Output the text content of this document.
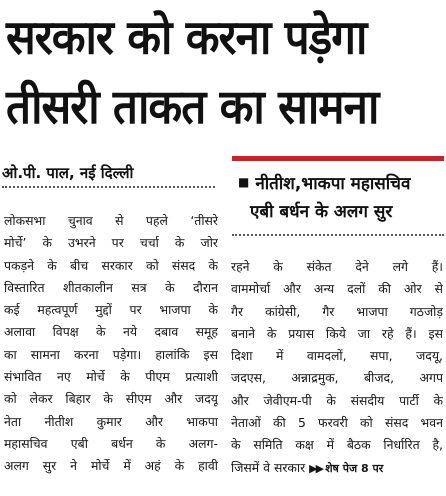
सरकार को करना पड़ेगा
तीसरी ताकत का सामना
ओ.पी. पाल, नई दिल्ली	■ नीतीश,भाकपा महासचिव
एबी बर्धन के अलग सुर
लोकसभा चुनाव से पहले ‘तीसरे
मोर्चे’ के उभरने पर चर्चा के जोर
पकड़ने के बीच सरकार को संसद के
विस्तारित शीतकालीन सत्र के दौरान
कई महत्वपूर्ण मुद्दों पर भाजपा के
अलावा विपक्ष के नये दबाव समूह
का सामना करना पड़ेगा। हालांकि इस
संभावित नए मोर्चे के पीएम प्रत्याशी
को लेकर बिहार के सीएम और जदयू
नेता नीतीश कुमार और भाकपा
महासचिव एबी बर्धन के अलग-
अलग सुर ने मोर्चे में अहं के हावी
रहने के संकेत देने लगे हैं।
वाममोर्चा और अन्य दलों की ओर से
गैर कांग्रेसी, गैर भाजपा गठजोड़
बनाने के प्रयास किये जा रहे हैं। इस
दिशा में वामदलों, सपा, जदयू,
जदएस, अन्नाद्रमुक, बीजद, अगप
और जेवीएम-पी के संसदीय पार्टी के
नेताओं की 5 फरवरी को संसद भवन
के समिति कक्ष में बैठक निर्धारित है,
जिसमें वे सरकार ▶▶ शेष पेज 8 पर
